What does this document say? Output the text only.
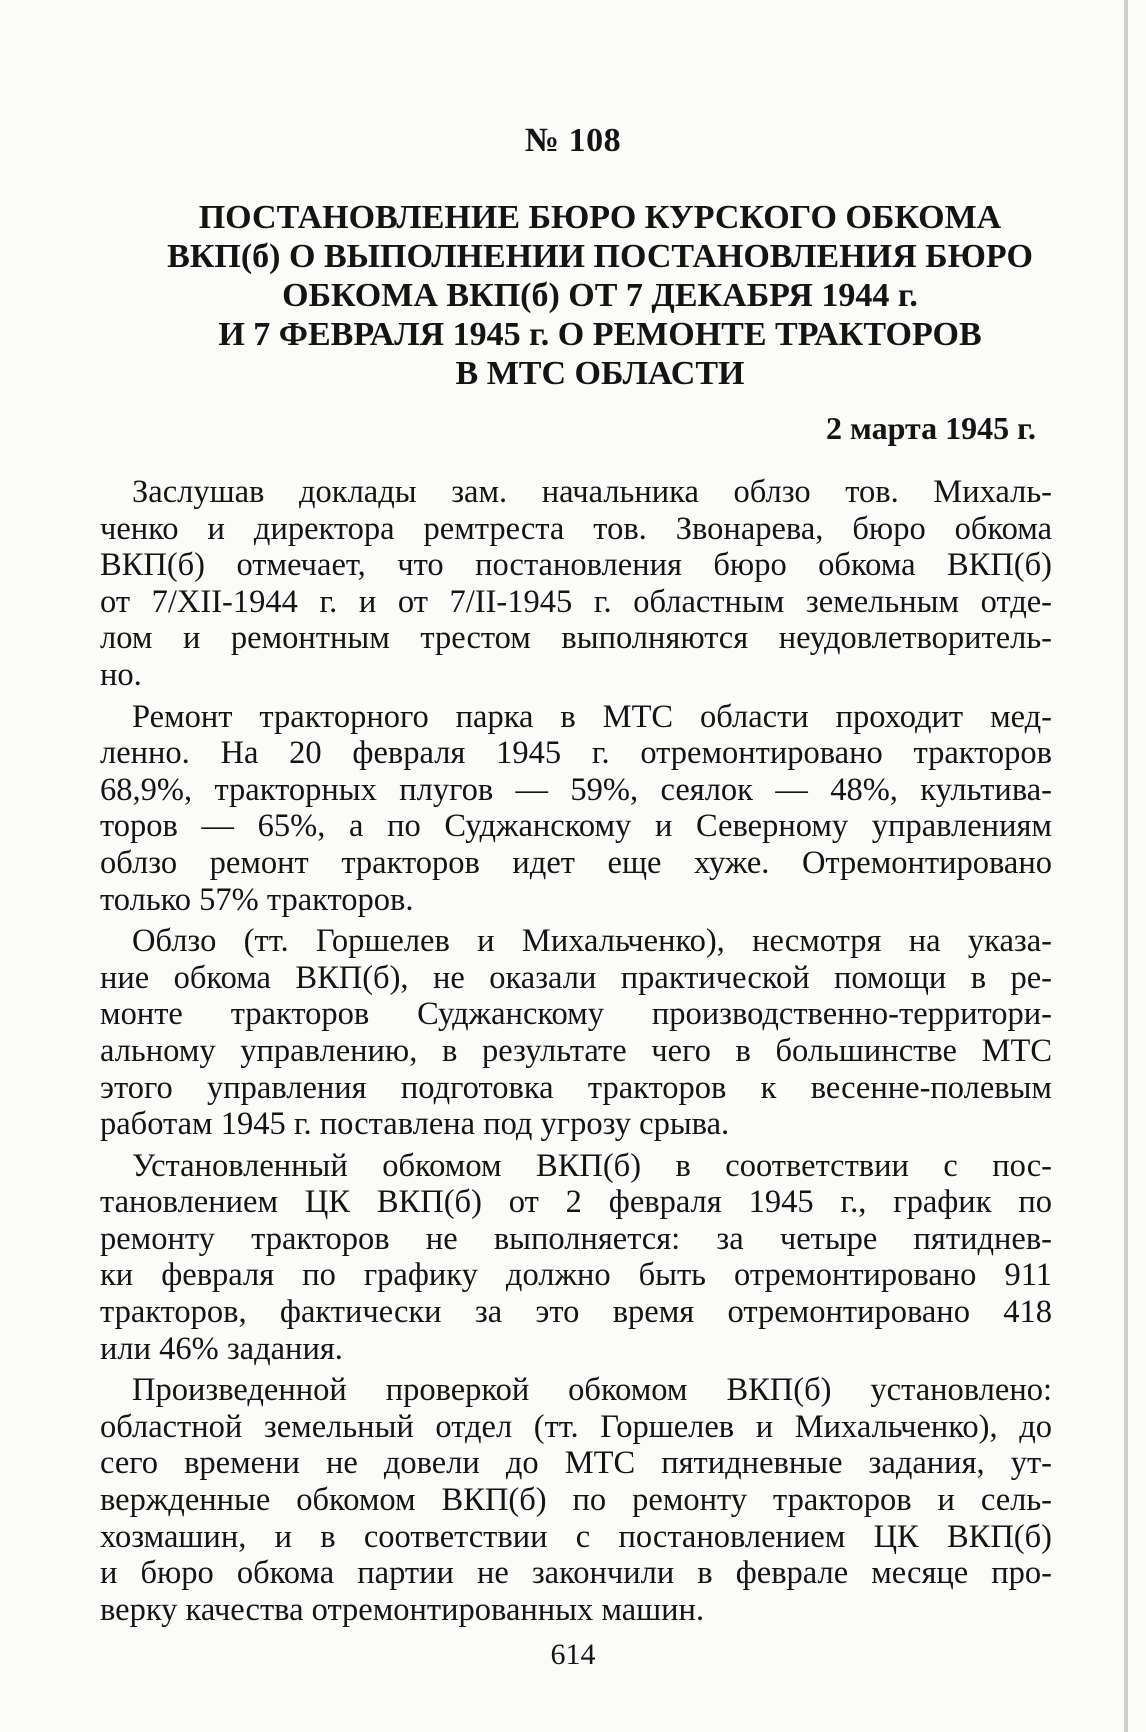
№ 108
ПОСТАНОВЛЕНИЕ БЮРО КУРСКОГО ОБКОМА
ВКП(б) О ВЫПОЛНЕНИИ ПОСТАНОВЛЕНИЯ БЮРО
ОБКОМА ВКП(б) ОТ 7 ДЕКАБРЯ 1944 г.
И 7 ФЕВРАЛЯ 1945 г. О РЕМОНТЕ ТРАКТОРОВ
В МТС ОБЛАСТИ
2 марта 1945 г.
Заслушав доклады зам. начальника облзо тов. Михаль-
ченко и директора ремтреста тов. Звонарева, бюро обкома
ВКП(б) отмечает, что постановления бюро обкома ВКП(б)
от 7/XII-1944 г. и от 7/II-1945 г. областным земельным отде-
лом и ремонтным трестом выполняются неудовлетворитель-
но.
Ремонт тракторного парка в МТС области проходит мед-
ленно. На 20 февраля 1945 г. отремонтировано тракторов
68,9%, тракторных плугов — 59%, сеялок — 48%, культива-
торов — 65%, а по Суджанскому и Северному управлениям
облзо ремонт тракторов идет еще хуже. Отремонтировано
только 57% тракторов.
Облзо (тт. Горшелев и Михальченко), несмотря на указа-
ние обкома ВКП(б), не оказали практической помощи в ре-
монте тракторов Суджанскому производственно-территори-
альному управлению, в результате чего в большинстве МТС
этого управления подготовка тракторов к весенне-полевым
работам 1945 г. поставлена под угрозу срыва.
Установленный обкомом ВКП(б) в соответствии с пос-
тановлением ЦК ВКП(б) от 2 февраля 1945 г., график по
ремонту тракторов не выполняется: за четыре пятиднев-
ки февраля по графику должно быть отремонтировано 911
тракторов, фактически за это время отремонтировано 418
или 46% задания.
Произведенной проверкой обкомом ВКП(б) установлено:
областной земельный отдел (тт. Горшелев и Михальченко), до
сего времени не довели до МТС пятидневные задания, ут-
вержденные обкомом ВКП(б) по ремонту тракторов и сель-
хозмашин, и в соответствии с постановлением ЦК ВКП(б)
и бюро обкома партии не закончили в феврале месяце про-
верку качества отремонтированных машин.
614
